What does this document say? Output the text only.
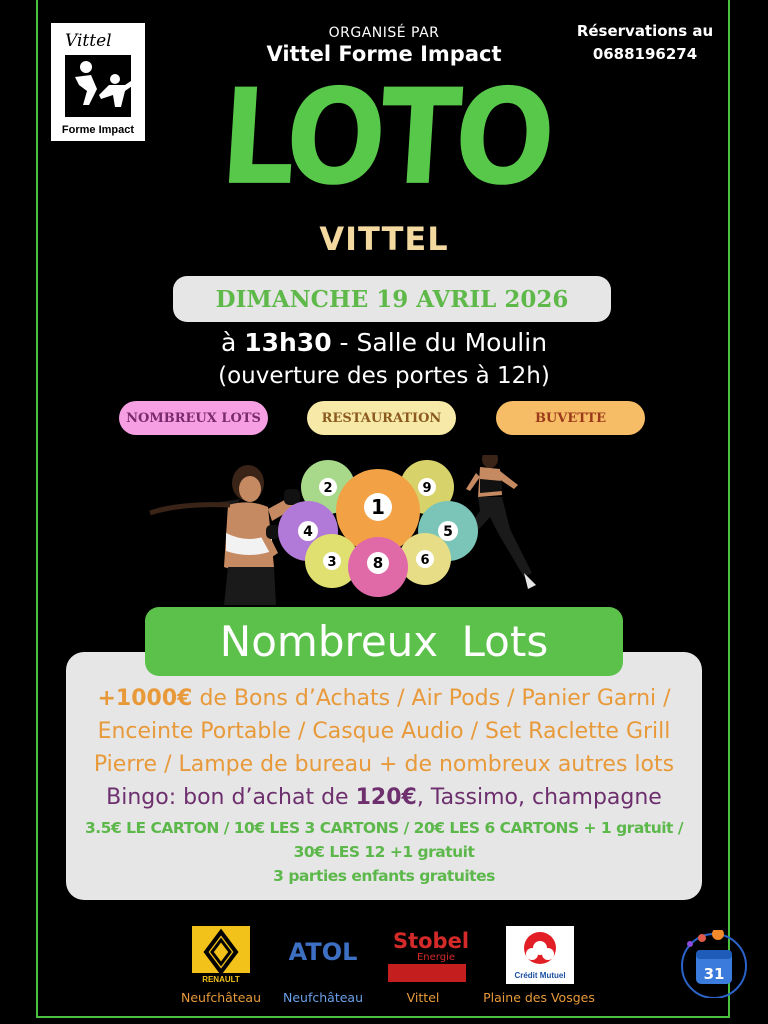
Vittel
Forme Impact
ORGANISÉ PAR
Vittel Forme Impact
Réservations au
0688196274
LOTO
VITTEL
DIMANCHE 19 AVRIL 2026
à 13h30 - Salle du Moulin
(ouverture des portes à 12h)
NOMBREUX LOTS	RESTAURATION	BUVETTE
2	9
4	5
1
3	6
8
Nombreux Lots
+1000€ de Bons d’Achats / Air Pods / Panier Garni /
Enceinte Portable / Casque Audio / Set Raclette Grill
Pierre / Lampe de bureau + de nombreux autres lots
Bingo: bon d’achat de 120€, Tassimo, champagne
3.5€ LE CARTON / 10€ LES 3 CARTONS / 20€ LES 6 CARTONS + 1 gratuit /
30€ LES 12 +1 gratuit
3 parties enfants gratuites
RENAULT
Neufchâteau
ATOL
Neufchâteau
Stobel
Energie
Vittel
Crédit Mutuel
Plaine des Vosges
31
